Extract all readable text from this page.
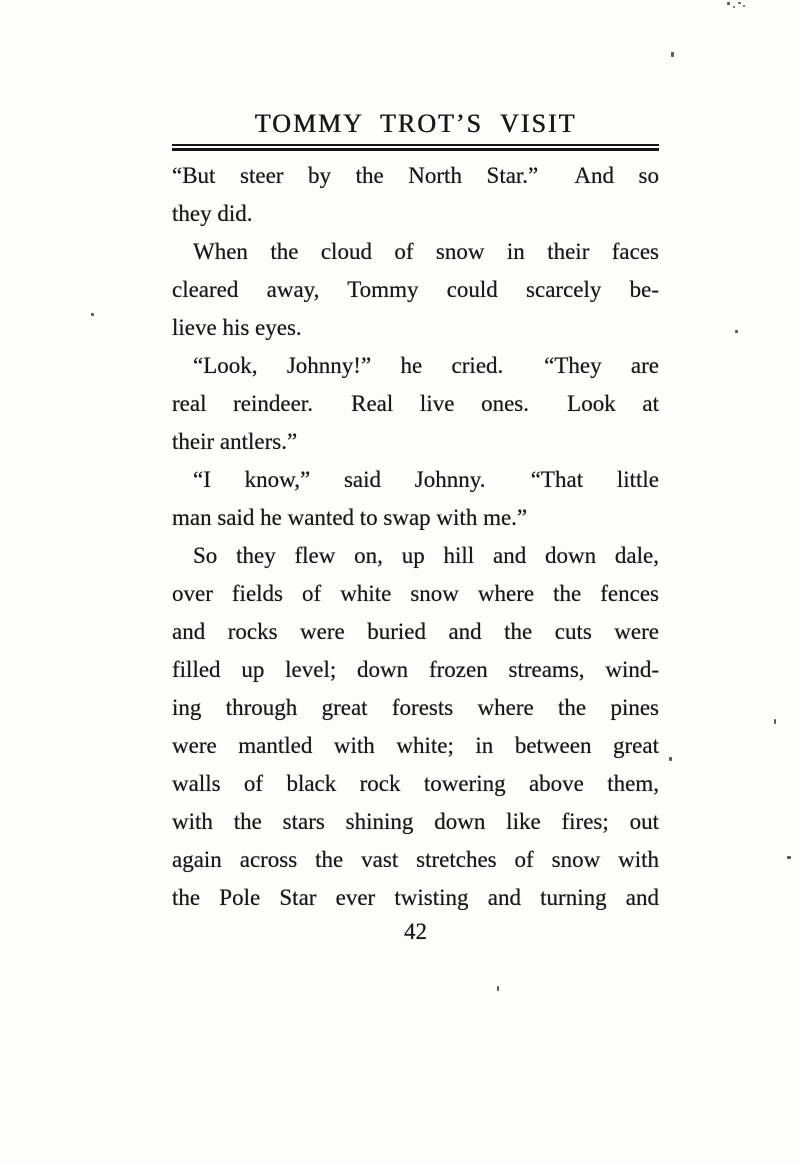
TOMMY TROT’S VISIT
“But steer by the North Star.”  And so
they did.
When the cloud of snow in their faces
cleared away, Tommy could scarcely be-
lieve his eyes.
“Look, Johnny!” he cried.  “They are
real reindeer.  Real live ones.  Look at
their antlers.”
“I know,” said Johnny.  “That little
man said he wanted to swap with me.”
So they flew on, up hill and down dale,
over fields of white snow where the fences
and rocks were buried and the cuts were
filled up level; down frozen streams, wind-
ing through great forests where the pines
were mantled with white; in between great
walls of black rock towering above them,
with the stars shining down like fires; out
again across the vast stretches of snow with
the Pole Star ever twisting and turning and
42
